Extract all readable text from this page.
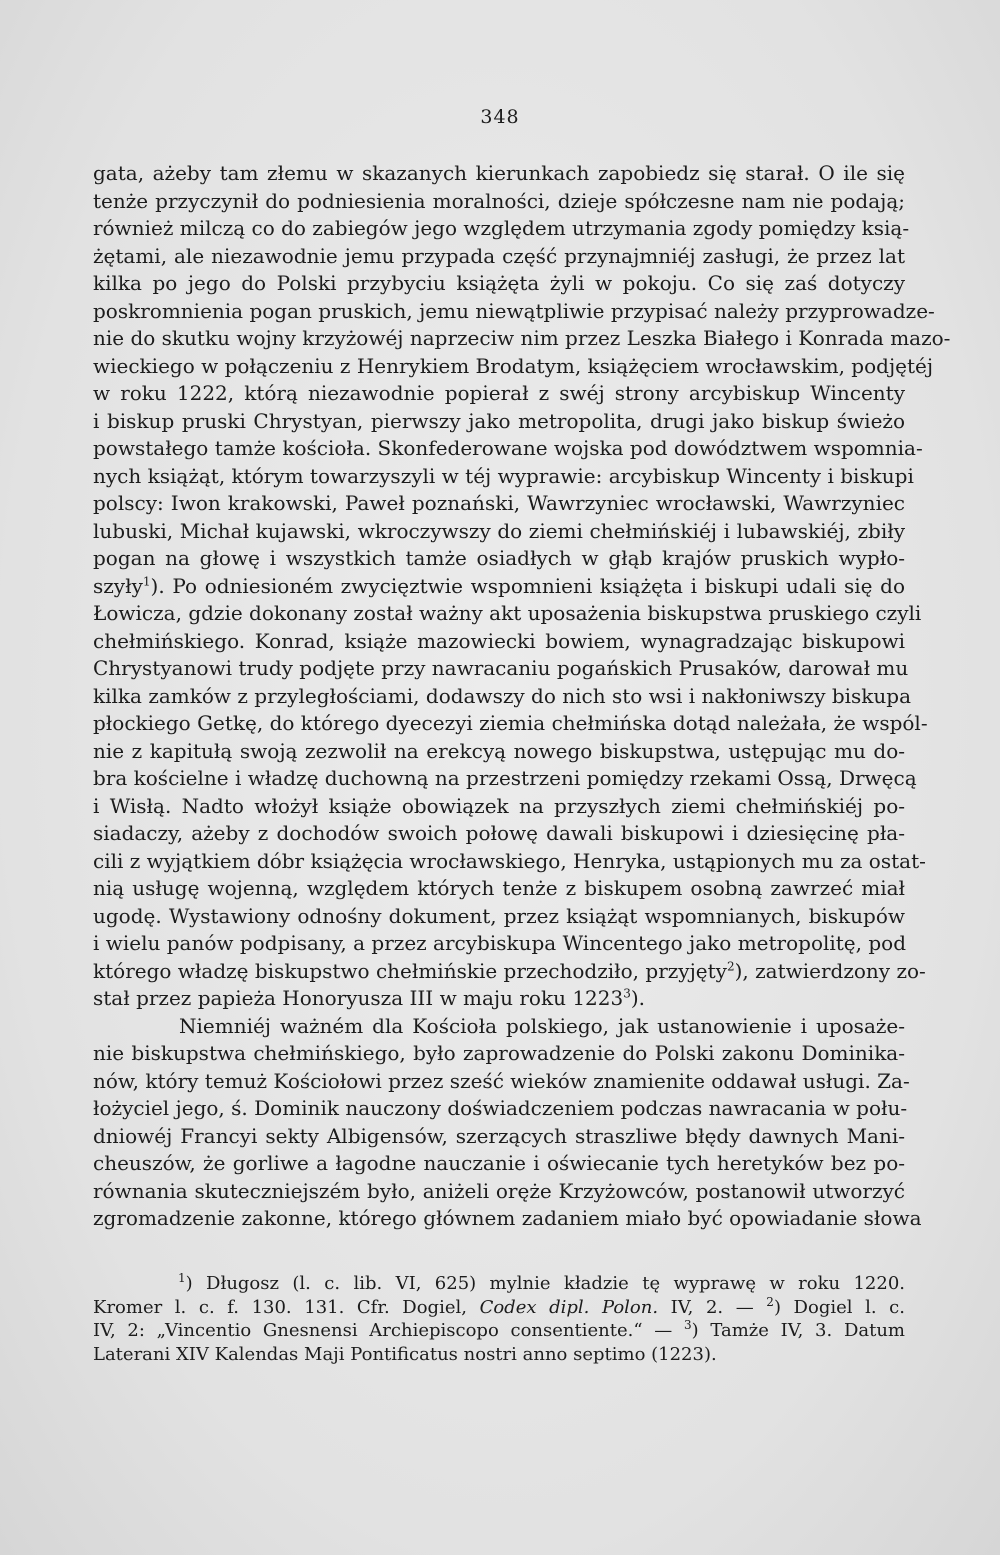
348
gata, ażeby tam złemu w skazanych kierunkach zapobiedz się starał. O ile się
tenże przyczynił do podniesienia moralności, dzieje spółczesne nam nie podają;
również milczą co do zabiegów jego względem utrzymania zgody pomiędzy ksią-
żętami, ale niezawodnie jemu przypada część przynajmniéj zasługi, że przez lat
kilka po jego do Polski przybyciu książęta żyli w pokoju. Co się zaś dotyczy
poskromnienia pogan pruskich, jemu niewątpliwie przypisać należy przyprowadze-
nie do skutku wojny krzyżowéj naprzeciw nim przez Leszka Białego i Konrada mazo-
wieckiego w połączeniu z Henrykiem Brodatym, książęciem wrocławskim, podjętéj
w roku 1222, którą niezawodnie popierał z swéj strony arcybiskup Wincenty
i biskup pruski Chrystyan, pierwszy jako metropolita, drugi jako biskup świeżo
powstałego tamże kościoła. Skonfederowane wojska pod dowództwem wspomnia-
nych książąt, którym towarzyszyli w téj wyprawie: arcybiskup Wincenty i biskupi
polscy: Iwon krakowski, Paweł poznański, Wawrzyniec wrocławski, Wawrzyniec
lubuski, Michał kujawski, wkroczywszy do ziemi chełmińskiéj i lubawskiéj, zbiły
pogan na głowę i wszystkich tamże osiadłych w głąb krajów pruskich wypło-
szyły$^1$). Po odniesioném zwycięztwie wspomnieni książęta i biskupi udali się do
Łowicza, gdzie dokonany został ważny akt uposażenia biskupstwa pruskiego czyli
chełmińskiego. Konrad, książe mazowiecki bowiem, wynagradzając biskupowi
Chrystyanowi trudy podjęte przy nawracaniu pogańskich Prusaków, darował mu
kilka zamków z przyległościami, dodawszy do nich sto wsi i nakłoniwszy biskupa
płockiego Getkę, do którego dyecezyi ziemia chełmińska dotąd należała, że wspól-
nie z kapitułą swoją zezwolił na erekcyą nowego biskupstwa, ustępując mu do-
bra kościelne i władzę duchowną na przestrzeni pomiędzy rzekami Ossą, Drwęcą
i Wisłą. Nadto włożył książe obowiązek na przyszłych ziemi chełmińskiéj po-
siadaczy, ażeby z dochodów swoich połowę dawali biskupowi i dziesięcinę pła-
cili z wyjątkiem dóbr książęcia wrocławskiego, Henryka, ustąpionych mu za ostat-
nią usługę wojenną, względem których tenże z biskupem osobną zawrzeć miał
ugodę. Wystawiony odnośny dokument, przez książąt wspomnianych, biskupów
i wielu panów podpisany, a przez arcybiskupa Wincentego jako metropolitę, pod
którego władzę biskupstwo chełmińskie przechodziło, przyjęty$^2$), zatwierdzony zo-
stał przez papieża Honoryusza III w maju roku 1223$^3$).
Niemniéj ważném dla Kościoła polskiego, jak ustanowienie i uposaże-
nie biskupstwa chełmińskiego, było zaprowadzenie do Polski zakonu Dominika-
nów, który temuż Kościołowi przez sześć wieków znamienite oddawał usługi. Za-
łożyciel jego, ś. Dominik nauczony doświadczeniem podczas nawracania w połu-
dniowéj Francyi sekty Albigensów, szerzących straszliwe błędy dawnych Mani-
cheuszów, że gorliwe a łagodne nauczanie i oświecanie tych heretyków bez po-
równania skuteczniejszém było, aniżeli oręże Krzyżowców, postanowił utworzyć
zgromadzenie zakonne, którego głównem zadaniem miało być opowiadanie słowa
$^1$) Długosz (l. c. lib. VI, 625) mylnie kładzie tę wyprawę w roku 1220.
Kromer l. c. f. 130. 131. Cfr. Dogiel, Codex dipl. Polon. IV, 2. — $^2$) Dogiel l. c.
IV, 2: „Vincentio Gnesnensi Archiepiscopo consentiente.“ — $^3$) Tamże IV, 3. Datum
Laterani XIV Kalendas Maji Pontificatus nostri anno septimo (1223).
